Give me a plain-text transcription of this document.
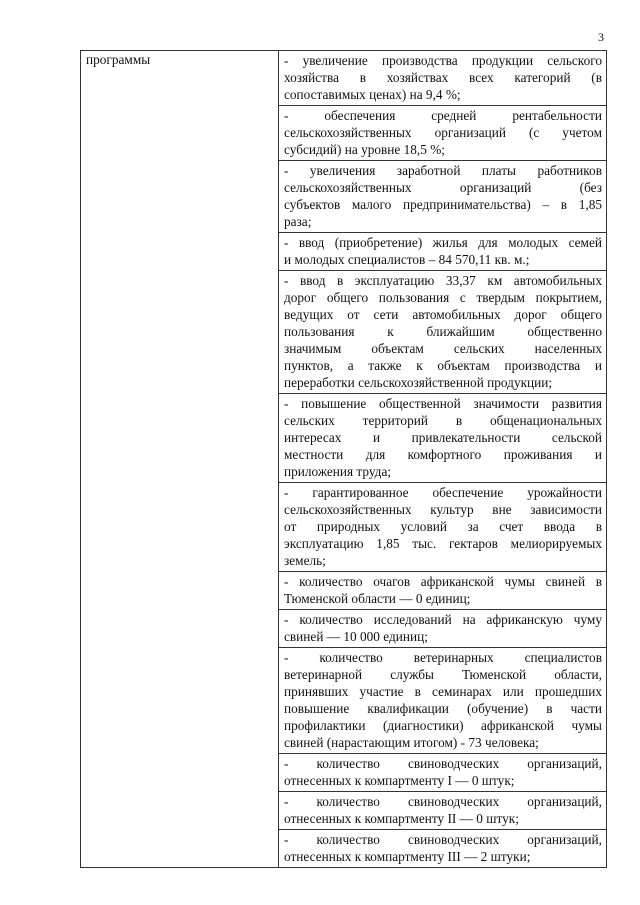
3
программы	- увеличение производства продукции сельского
хозяйства в хозяйствах всех категорий (в
сопоставимых ценах) на 9,4 %;
- обеспечения средней рентабельности
сельскохозяйственных организаций (с учетом
субсидий) на уровне 18,5 %;
- увеличения заработной платы работников
сельскохозяйственных организаций (без
субъектов малого предпринимательства) – в 1,85
раза;
- ввод (приобретение) жилья для молодых семей
и молодых специалистов – 84 570,11 кв. м.;
- ввод в эксплуатацию 33,37 км автомобильных
дорог общего пользования с твердым покрытием,
ведущих от сети автомобильных дорог общего
пользования к ближайшим общественно
значимым объектам сельских населенных
пунктов, а также к объектам производства и
переработки сельскохозяйственной продукции;
- повышение общественной значимости развития
сельских территорий в общенациональных
интересах и привлекательности сельской
местности для комфортного проживания и
приложения труда;
- гарантированное обеспечение урожайности
сельскохозяйственных культур вне зависимости
от природных условий за счет ввода в
эксплуатацию 1,85 тыс. гектаров мелиорируемых
земель;
- количество очагов африканской чумы свиней в
Тюменской области — 0 единиц;
- количество исследований на африканскую чуму
свиней — 10 000 единиц;
- количество ветеринарных специалистов
ветеринарной службы Тюменской области,
принявших участие в семинарах или прошедших
повышение квалификации (обучение) в части
профилактики (диагностики) африканской чумы
свиней (нарастающим итогом) - 73 человека;
- количество свиноводческих организаций,
отнесенных к компартменту I — 0 штук;
- количество свиноводческих организаций,
отнесенных к компартменту II — 0 штук;
- количество свиноводческих организаций,
отнесенных к компартменту III — 2 штуки;
